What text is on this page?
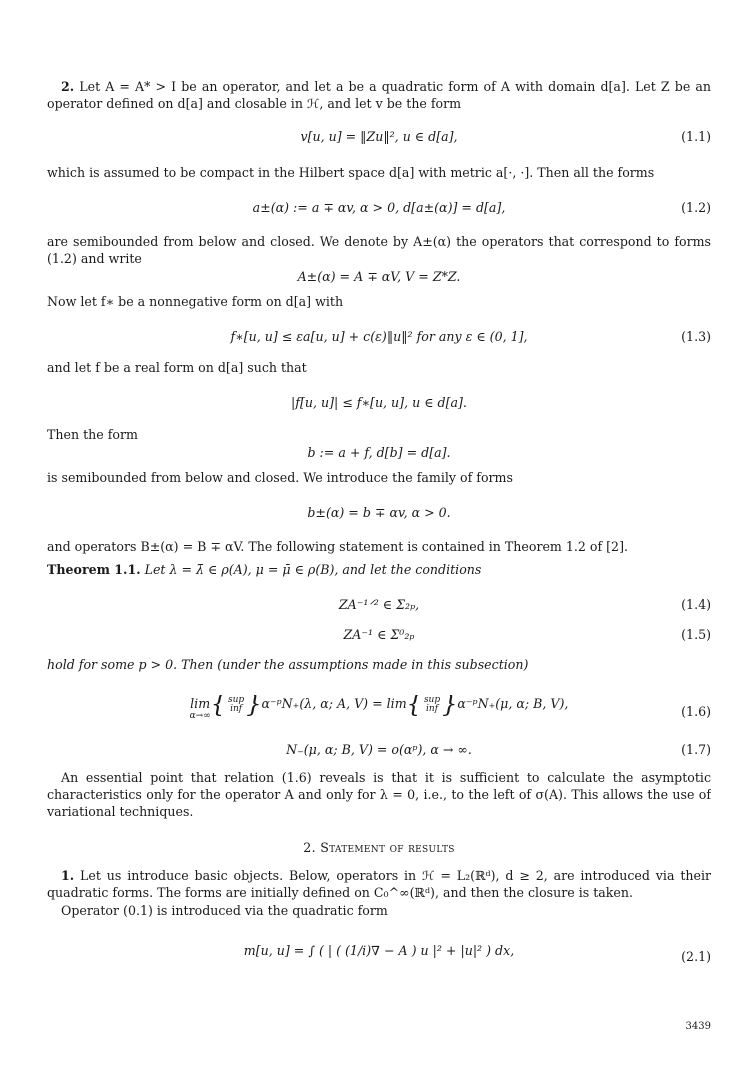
2. Let A = A* > I be an operator, and let a be a quadratic form of A with domain d[a]. Let Z be an operator defined on d[a] and closable in ℋ, and let v be the form
v[u, u] = ‖Zu‖², u ∈ d[a],	(1.1)
which is assumed to be compact in the Hilbert space d[a] with metric a[·, ·]. Then all the forms
a±(α) := a ∓ αv, α > 0, d[a±(α)] = d[a],	(1.2)
are semibounded from below and closed. We denote by A±(α) the operators that correspond to forms (1.2) and write
A±(α) = A ∓ αV, V = Z*Z.
Now let f∗ be a nonnegative form on d[a] with
f∗[u, u] ≤ εa[u, u] + c(ε)‖u‖² for any ε ∈ (0, 1],	(1.3)
and let f be a real form on d[a] such that
|f[u, u]| ≤ f∗[u, u], u ∈ d[a].
Then the form
b := a + f, d[b] = d[a].
is semibounded from below and closed. We introduce the family of forms
b±(α) = b ∓ αv, α > 0.
and operators B±(α) = B ∓ αV. The following statement is contained in Theorem 1.2 of [2].
Theorem 1.1. Let λ = λ̄ ∈ ρ(A), μ = μ̄ ∈ ρ(B), and let the conditions
ZA⁻¹ᐟ² ∈ Σ₂ₚ,	(1.4)
ZA⁻¹ ∈ Σ⁰₂ₚ	(1.5)
hold for some p > 0. Then (under the assumptions made in this subsection)
lim
α→∞ { sup
inf }α⁻ᵖN₊(λ, α; A, V) = lim{ sup
inf }α⁻ᵖN₊(μ, α; B, V),
(1.6)
N₋(μ, α; B, V) = o(αᵖ), α → ∞.	(1.7)
An essential point that relation (1.6) reveals is that it is sufficient to calculate the asymptotic characteristics only for the operator A and only for λ = 0, i.e., to the left of σ(A). This allows the use of variational techniques.
2. Statement of results
1. Let us introduce basic objects. Below, operators in ℋ = L₂(ℝᵈ), d ≥ 2, are introduced via their quadratic forms. The forms are initially defined on C₀^∞(ℝᵈ), and then the closure is taken.
Operator (0.1) is introduced via the quadratic form
m[u, u] = ∫ ( | ( (1/i)∇ − A ) u |² + |u|² ) dx,	(2.1)
3439
